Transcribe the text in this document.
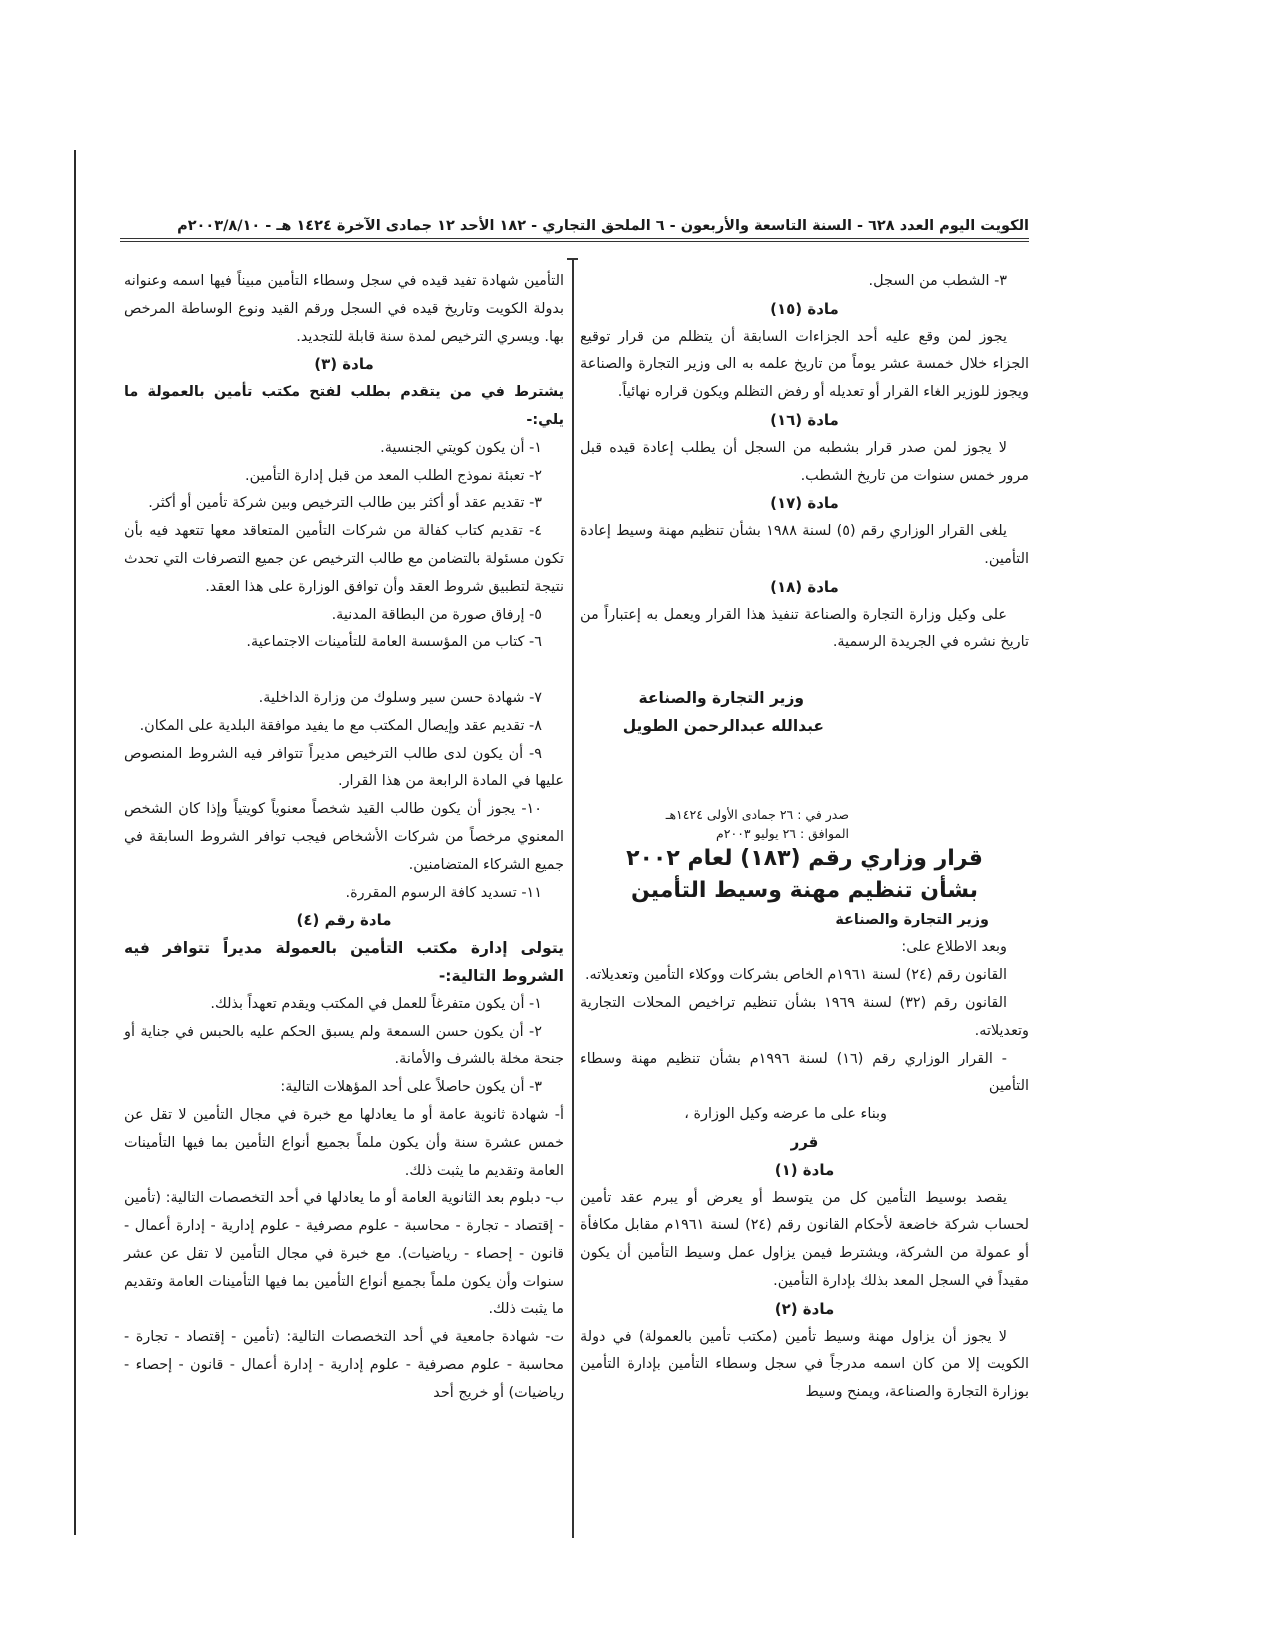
الكويت اليوم العدد ٦٢٨ - السنة التاسعة والأربعون - ٦ الملحق التجاري - ١٨٢ الأحد ١٢ جمادى الآخرة ١٤٢٤ هـ - ٢٠٠٣/٨/١٠م

٣- الشطب من السجل.

مادة (١٥)

يجوز لمن وقع عليه أحد الجزاءات السابقة أن يتظلم من قرار توقيع الجزاء خلال خمسة عشر يوماً من تاريخ علمه به الى وزير التجارة والصناعة ويجوز للوزير الغاء القرار أو تعديله أو رفض التظلم ويكون قراره نهائياً.

مادة (١٦)

لا يجوز لمن صدر قرار بشطبه من السجل أن يطلب إعادة قيده قبل مرور خمس سنوات من تاريخ الشطب.

مادة (١٧)

يلغى القرار الوزاري رقم (٥) لسنة ١٩٨٨ بشأن تنظيم مهنة وسيط إعادة التأمين.

مادة (١٨)

على وكيل وزارة التجارة والصناعة تنفيذ هذا القرار ويعمل به إعتباراً من تاريخ نشره في الجريدة الرسمية.

وزير التجارة والصناعة

عبدالله عبدالرحمن الطويل

صدر في : ٢٦ جمادى الأولى ١٤٢٤هـ

الموافق : ٢٦ يوليو ٢٠٠٣م

قرار وزاري رقم (١٨٣) لعام ٢٠٠٢

بشأن تنظيم مهنة وسيط التأمين

وزير التجارة والصناعة

وبعد الاطلاع على:

القانون رقم (٢٤) لسنة ١٩٦١م الخاص بشركات ووكلاء التأمين وتعديلاته.

القانون رقم (٣٢) لسنة ١٩٦٩ بشأن تنظيم تراخيص المحلات التجارية وتعديلاته.

- القرار الوزاري رقم (١٦) لسنة ١٩٩٦م بشأن تنظيم مهنة وسطاء التأمين

وبناء على ما عرضه وكيل الوزارة ،

قرر

مادة (١)

يقصد بوسيط التأمين كل من يتوسط أو يعرض أو يبرم عقد تأمين لحساب شركة خاضعة لأحكام القانون رقم (٢٤) لسنة ١٩٦١م مقابل مكافأة أو عمولة من الشركة، ويشترط فيمن يزاول عمل وسيط التأمين أن يكون مقيداً في السجل المعد بذلك بإدارة التأمين.

مادة (٢)

لا يجوز أن يزاول مهنة وسيط تأمين (مكتب تأمين بالعمولة) في دولة الكويت إلا من كان اسمه مدرجاً في سجل وسطاء التأمين بإدارة التأمين بوزارة التجارة والصناعة، ويمنح وسيط

التأمين شهادة تفيد قيده في سجل وسطاء التأمين مبيناً فيها اسمه وعنوانه بدولة الكويت وتاريخ قيده في السجل ورقم القيد ونوع الوساطة المرخص بها. ويسري الترخيص لمدة سنة قابلة للتجديد.

مادة (٣)

يشترط في من يتقدم بطلب لفتح مكتب تأمين بالعمولة ما يلي:-

١- أن يكون كويتي الجنسية.

٢- تعبئة نموذج الطلب المعد من قبل إدارة التأمين.

٣- تقديم عقد أو أكثر بين طالب الترخيص وبين شركة تأمين أو أكثر.

٤- تقديم كتاب كفالة من شركات التأمين المتعاقد معها تتعهد فيه بأن تكون مسئولة بالتضامن مع طالب الترخيص عن جميع التصرفات التي تحدث نتيجة لتطبيق شروط العقد وأن توافق الوزارة على هذا العقد.

٥- إرفاق صورة من البطاقة المدنية.

٦- كتاب من المؤسسة العامة للتأمينات الاجتماعية.

٧- شهادة حسن سير وسلوك من وزارة الداخلية.

٨- تقديم عقد وإيصال المكتب مع ما يفيد موافقة البلدية على المكان.

٩- أن يكون لدى طالب الترخيص مديراً تتوافر فيه الشروط المنصوص عليها في المادة الرابعة من هذا القرار.

١٠- يجوز أن يكون طالب القيد شخصاً معنوياً كويتياً وإذا كان الشخص المعنوي مرخصاً من شركات الأشخاص فيجب توافر الشروط السابقة في جميع الشركاء المتضامنين.

١١- تسديد كافة الرسوم المقررة.

مادة رقم (٤)

يتولى إدارة مكتب التأمين بالعمولة مديراً تتوافر فيه الشروط التالية:-

١- أن يكون متفرغاً للعمل في المكتب ويقدم تعهداً بذلك.

٢- أن يكون حسن السمعة ولم يسبق الحكم عليه بالحبس في جناية أو جنحة مخلة بالشرف والأمانة.

٣- أن يكون حاصلاً على أحد المؤهلات التالية:

أ- شهادة ثانوية عامة أو ما يعادلها مع خبرة في مجال التأمين لا تقل عن خمس عشرة سنة وأن يكون ملماً بجميع أنواع التأمين بما فيها التأمينات العامة وتقديم ما يثبت ذلك.

ب- دبلوم بعد الثانوية العامة أو ما يعادلها في أحد التخصصات التالية: (تأمين - إقتصاد - تجارة - محاسبة - علوم مصرفية - علوم إدارية - إدارة أعمال - قانون - إحصاء - رياضيات). مع خبرة في مجال التأمين لا تقل عن عشر سنوات وأن يكون ملماً بجميع أنواع التأمين بما فيها التأمينات العامة وتقديم ما يثبت ذلك.

ت- شهادة جامعية في أحد التخصصات التالية: (تأمين - إقتصاد - تجارة - محاسبة - علوم مصرفية - علوم إدارية - إدارة أعمال - قانون - إحصاء - رياضيات) أو خريج أحد
